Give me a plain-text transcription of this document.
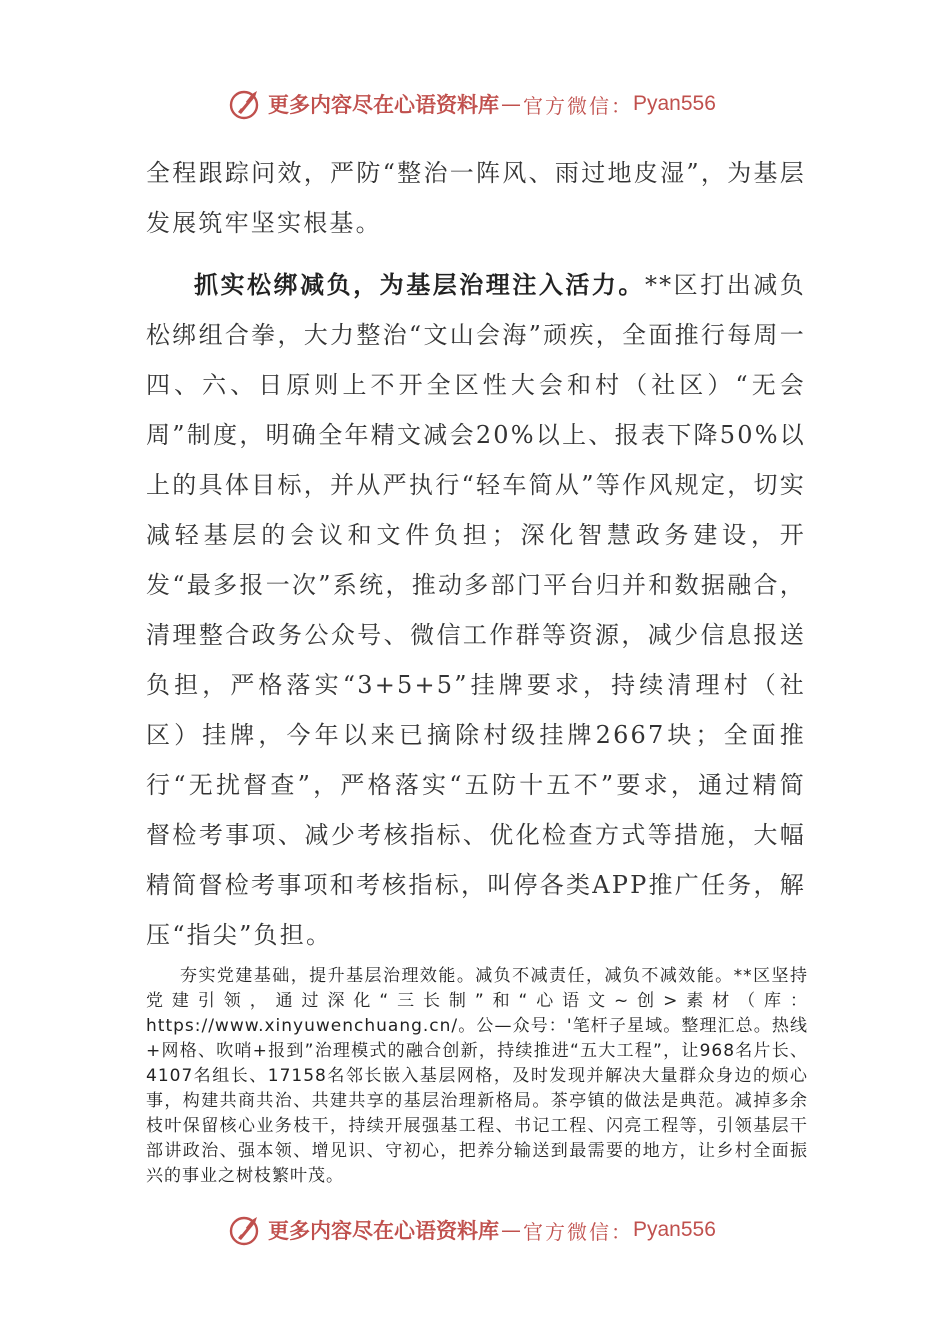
更多内容尽在心语资料库 — 官方微信： Pyan556

全程跟踪问效，严防“整治一阵风、雨过地皮湿”，为基层发展筑牢坚实根基。

抓实松绑减负，为基层治理注入活力。**区打出减负松绑组合拳，大力整治“文山会海”顽疾，全面推行每周一四、六、日原则上不开全区性大会和村（社区）“无会周”制度，明确全年精文减会20%以上、报表下降50%以上的具体目标，并从严执行“轻车简从”等作风规定，切实减轻基层的会议和文件负担；深化智慧政务建设，开发“最多报一次”系统，推动多部门平台归并和数据融合，清理整合政务公众号、微信工作群等资源，减少信息报送负担，严格落实“3+5+5”挂牌要求，持续清理村（社区）挂牌，今年以来已摘除村级挂牌2667块；全面推行“无扰督查”，严格落实“五防十五不”要求，通过精简督检考事项、减少考核指标、优化检查方式等措施，大幅精简督检考事项和考核指标，叫停各类APP推广任务，解压“指尖”负担。

夯实党建基础，提升基层治理效能。减负不减责任，减负不减效能。**区坚持党建引领，通过深化“三长制”和“心语文~创>素材（库：https://www.xinyuwenchuang.cn/。公—众号：'笔杆子星域。整理汇总。热线+网格、吹哨+报到”治理模式的融合创新，持续推进“五大工程”，让968名片长、4107名组长、17158名邻长嵌入基层网格，及时发现并解决大量群众身边的烦心事，构建共商共治、共建共享的基层治理新格局。茶亭镇的做法是典范。减掉多余枝叶保留核心业务枝干，持续开展强基工程、书记工程、闪亮工程等，引领基层干部讲政治、强本领、增见识、守初心，把养分输送到最需要的地方，让乡村全面振兴的事业之树枝繁叶茂。

更多内容尽在心语资料库 — 官方微信： Pyan556
